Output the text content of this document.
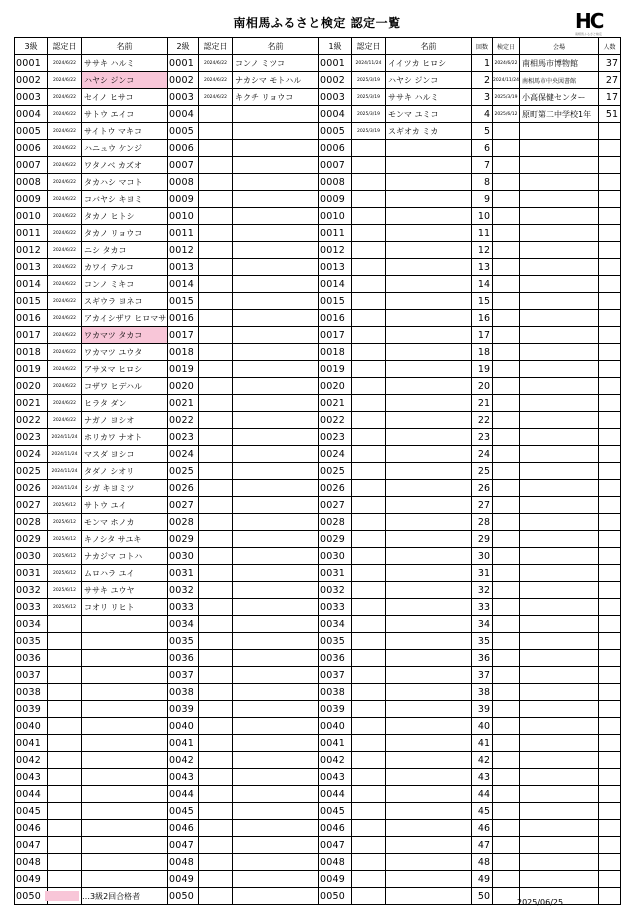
南相馬ふるさと検定 認定一覧	HC
南相馬ふるさと検定
3級	認定日	名前	2級	認定日	名前	1級	認定日	名前	回数	検定日	会場	人数
0001	2024/6/22	ササキ ハルミ	0001	2024/6/22	コンノ ミツコ	0001	2024/11/24	イイツカ ヒロシ	1	2024/6/22	南相馬市博物館	37
0002	2024/6/22	ハヤシ ジンコ	0002	2024/6/22	ナカシマ モトハル	0002	2025/3/19	ハヤシ ジンコ	2	2024/11/24	南相馬市中央図書館	27
0003	2024/6/22	セイノ ヒサコ	0003	2024/6/22	キクチ リョウコ	0003	2025/3/19	ササキ ハルミ	3	2025/3/19	小高保健センター	17
0004	2024/6/22	サトウ エイコ	0004			0004	2025/3/19	モンマ ユミコ	4	2025/6/12	原町第二中学校1年	51
0005	2024/6/22	サイトウ マキコ	0005			0005	2025/3/19	スギオカ ミカ	5			
0006	2024/6/22	ハニュウ ケンジ	0006			0006			6			
0007	2024/6/22	ワタノベ カズオ	0007			0007			7			
0008	2024/6/22	タカハシ マコト	0008			0008			8			
0009	2024/6/22	コバヤシ キヨミ	0009			0009			9			
0010	2024/6/22	タカノ ヒトシ	0010			0010			10			
0011	2024/6/22	タカノ リョウコ	0011			0011			11			
0012	2024/6/22	ニシ タカコ	0012			0012			12			
0013	2024/6/22	カワイ テルコ	0013			0013			13			
0014	2024/6/22	コンノ ミキコ	0014			0014			14			
0015	2024/6/22	スギウラ ヨネコ	0015			0015			15			
0016	2024/6/22	アカイシザワ ヒロマサ	0016			0016			16			
0017	2024/6/22	ワカマツ タカコ	0017			0017			17			
0018	2024/6/22	ワカマツ ユウタ	0018			0018			18			
0019	2024/6/22	アサヌマ ヒロシ	0019			0019			19			
0020	2024/6/22	コザワ ヒデハル	0020			0020			20			
0021	2024/6/22	ヒラタ ダン	0021			0021			21			
0022	2024/6/22	ナガノ ヨシオ	0022			0022			22			
0023	2024/11/24	ホリカワ ナオト	0023			0023			23			
0024	2024/11/24	マスダ ヨシコ	0024			0024			24			
0025	2024/11/24	タダノ シオリ	0025			0025			25			
0026	2024/11/24	シガ キヨミツ	0026			0026			26			
0027	2025/6/12	サトウ ユイ	0027			0027			27			
0028	2025/6/12	モンマ ホノカ	0028			0028			28			
0029	2025/6/12	キノシタ サユキ	0029			0029			29			
0030	2025/6/12	ナカジマ コトハ	0030			0030			30			
0031	2025/6/12	ムロハラ ユイ	0031			0031			31			
0032	2025/6/12	ササキ ユウヤ	0032			0032			32			
0033	2025/6/12	コオリ リヒト	0033			0033			33			
0034			0034			0034			34			
0035			0035			0035			35			
0036			0036			0036			36			
0037			0037			0037			37			
0038			0038			0038			38			
0039			0039			0039			39			
0040			0040			0040			40			
0041			0041			0041			41			
0042			0042			0042			42			
0043			0043			0043			43			
0044			0044			0044			44			
0045			0045			0045			45			
0046			0046			0046			46			
0047			0047			0047			47			
0048			0048			0048			48			
0049			0049			0049			49			
0050			0050			0050			50			
…3級2回合格者
2025/06/25
